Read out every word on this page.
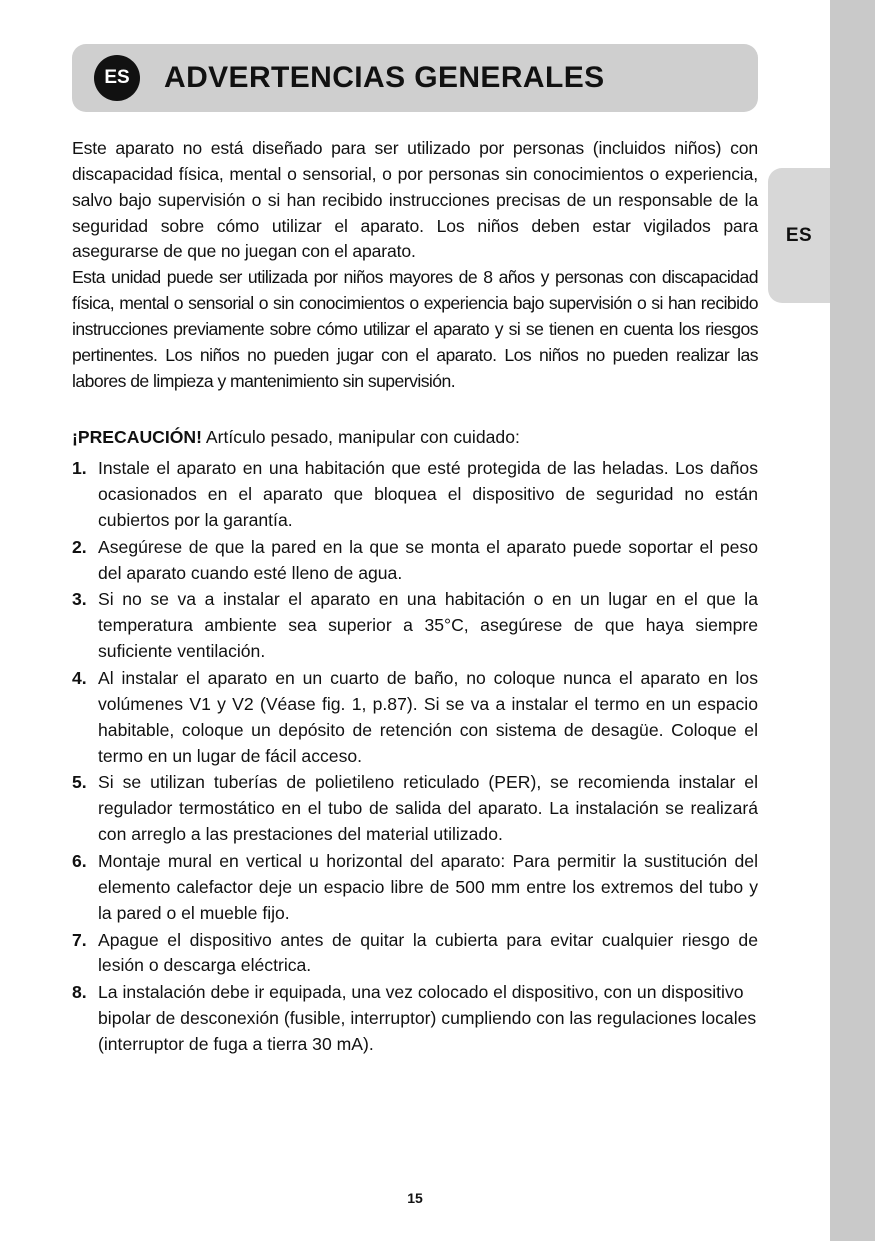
ES
ES	ADVERTENCIAS GENERALES

Este aparato no está diseñado para ser utilizado por personas (incluidos niños) con discapacidad física, mental o sensorial, o por personas sin conocimientos o experiencia, salvo bajo supervisión o si han recibido instrucciones precisas de un responsable de la seguridad sobre cómo utilizar el aparato. Los niños deben estar vigilados para asegurarse de que no juegan con el aparato.

Esta unidad puede ser utilizada por niños mayores de 8 años y personas con discapacidad física, mental o sensorial o sin conocimientos o experiencia bajo supervisión o si han recibido instrucciones previamente sobre cómo utilizar el aparato y si se tienen en cuenta los riesgos pertinentes. Los niños no pueden jugar con el aparato. Los niños no pueden realizar las labores de limpieza y mantenimiento sin supervisión.

¡PRECAUCIÓN! Artículo pesado, manipular con cuidado:
1. Instale el aparato en una habitación que esté protegida de las heladas. Los daños ocasionados en el aparato que bloquea el dispositivo de seguridad no están cubiertos por la garantía.
2. Asegúrese de que la pared en la que se monta el aparato puede soportar el peso del aparato cuando esté lleno de agua.
3. Si no se va a instalar el aparato en una habitación o en un lugar en el que la temperatura ambiente sea superior a 35°C, asegúrese de que haya siempre suficiente ventilación.
4. Al instalar el aparato en un cuarto de baño, no coloque nunca el aparato en los volúmenes V1 y V2 (Véase fig. 1, p.87). Si se va a instalar el termo en un espacio habitable, coloque un depósito de retención con sistema de desagüe. Coloque el termo en un lugar de fácil acceso.
5. Si se utilizan tuberías de polietileno reticulado (PER), se recomienda instalar el regulador termostático en el tubo de salida del aparato. La instalación se realizará con arreglo a las prestaciones del material utilizado.
6. Montaje mural en vertical u horizontal del aparato: Para permitir la sustitución del elemento calefactor deje un espacio libre de 500 mm entre los extremos del tubo y la pared o el mueble fijo.
7. Apague el dispositivo antes de quitar la cubierta para evitar cualquier riesgo de lesión o descarga eléctrica.
8. La instalación debe ir equipada, una vez colocado el dispositivo, con un dispositivo bipolar de desconexión (fusible, interruptor) cumpliendo con las regulaciones locales (interruptor de fuga a tierra 30 mA).
15
